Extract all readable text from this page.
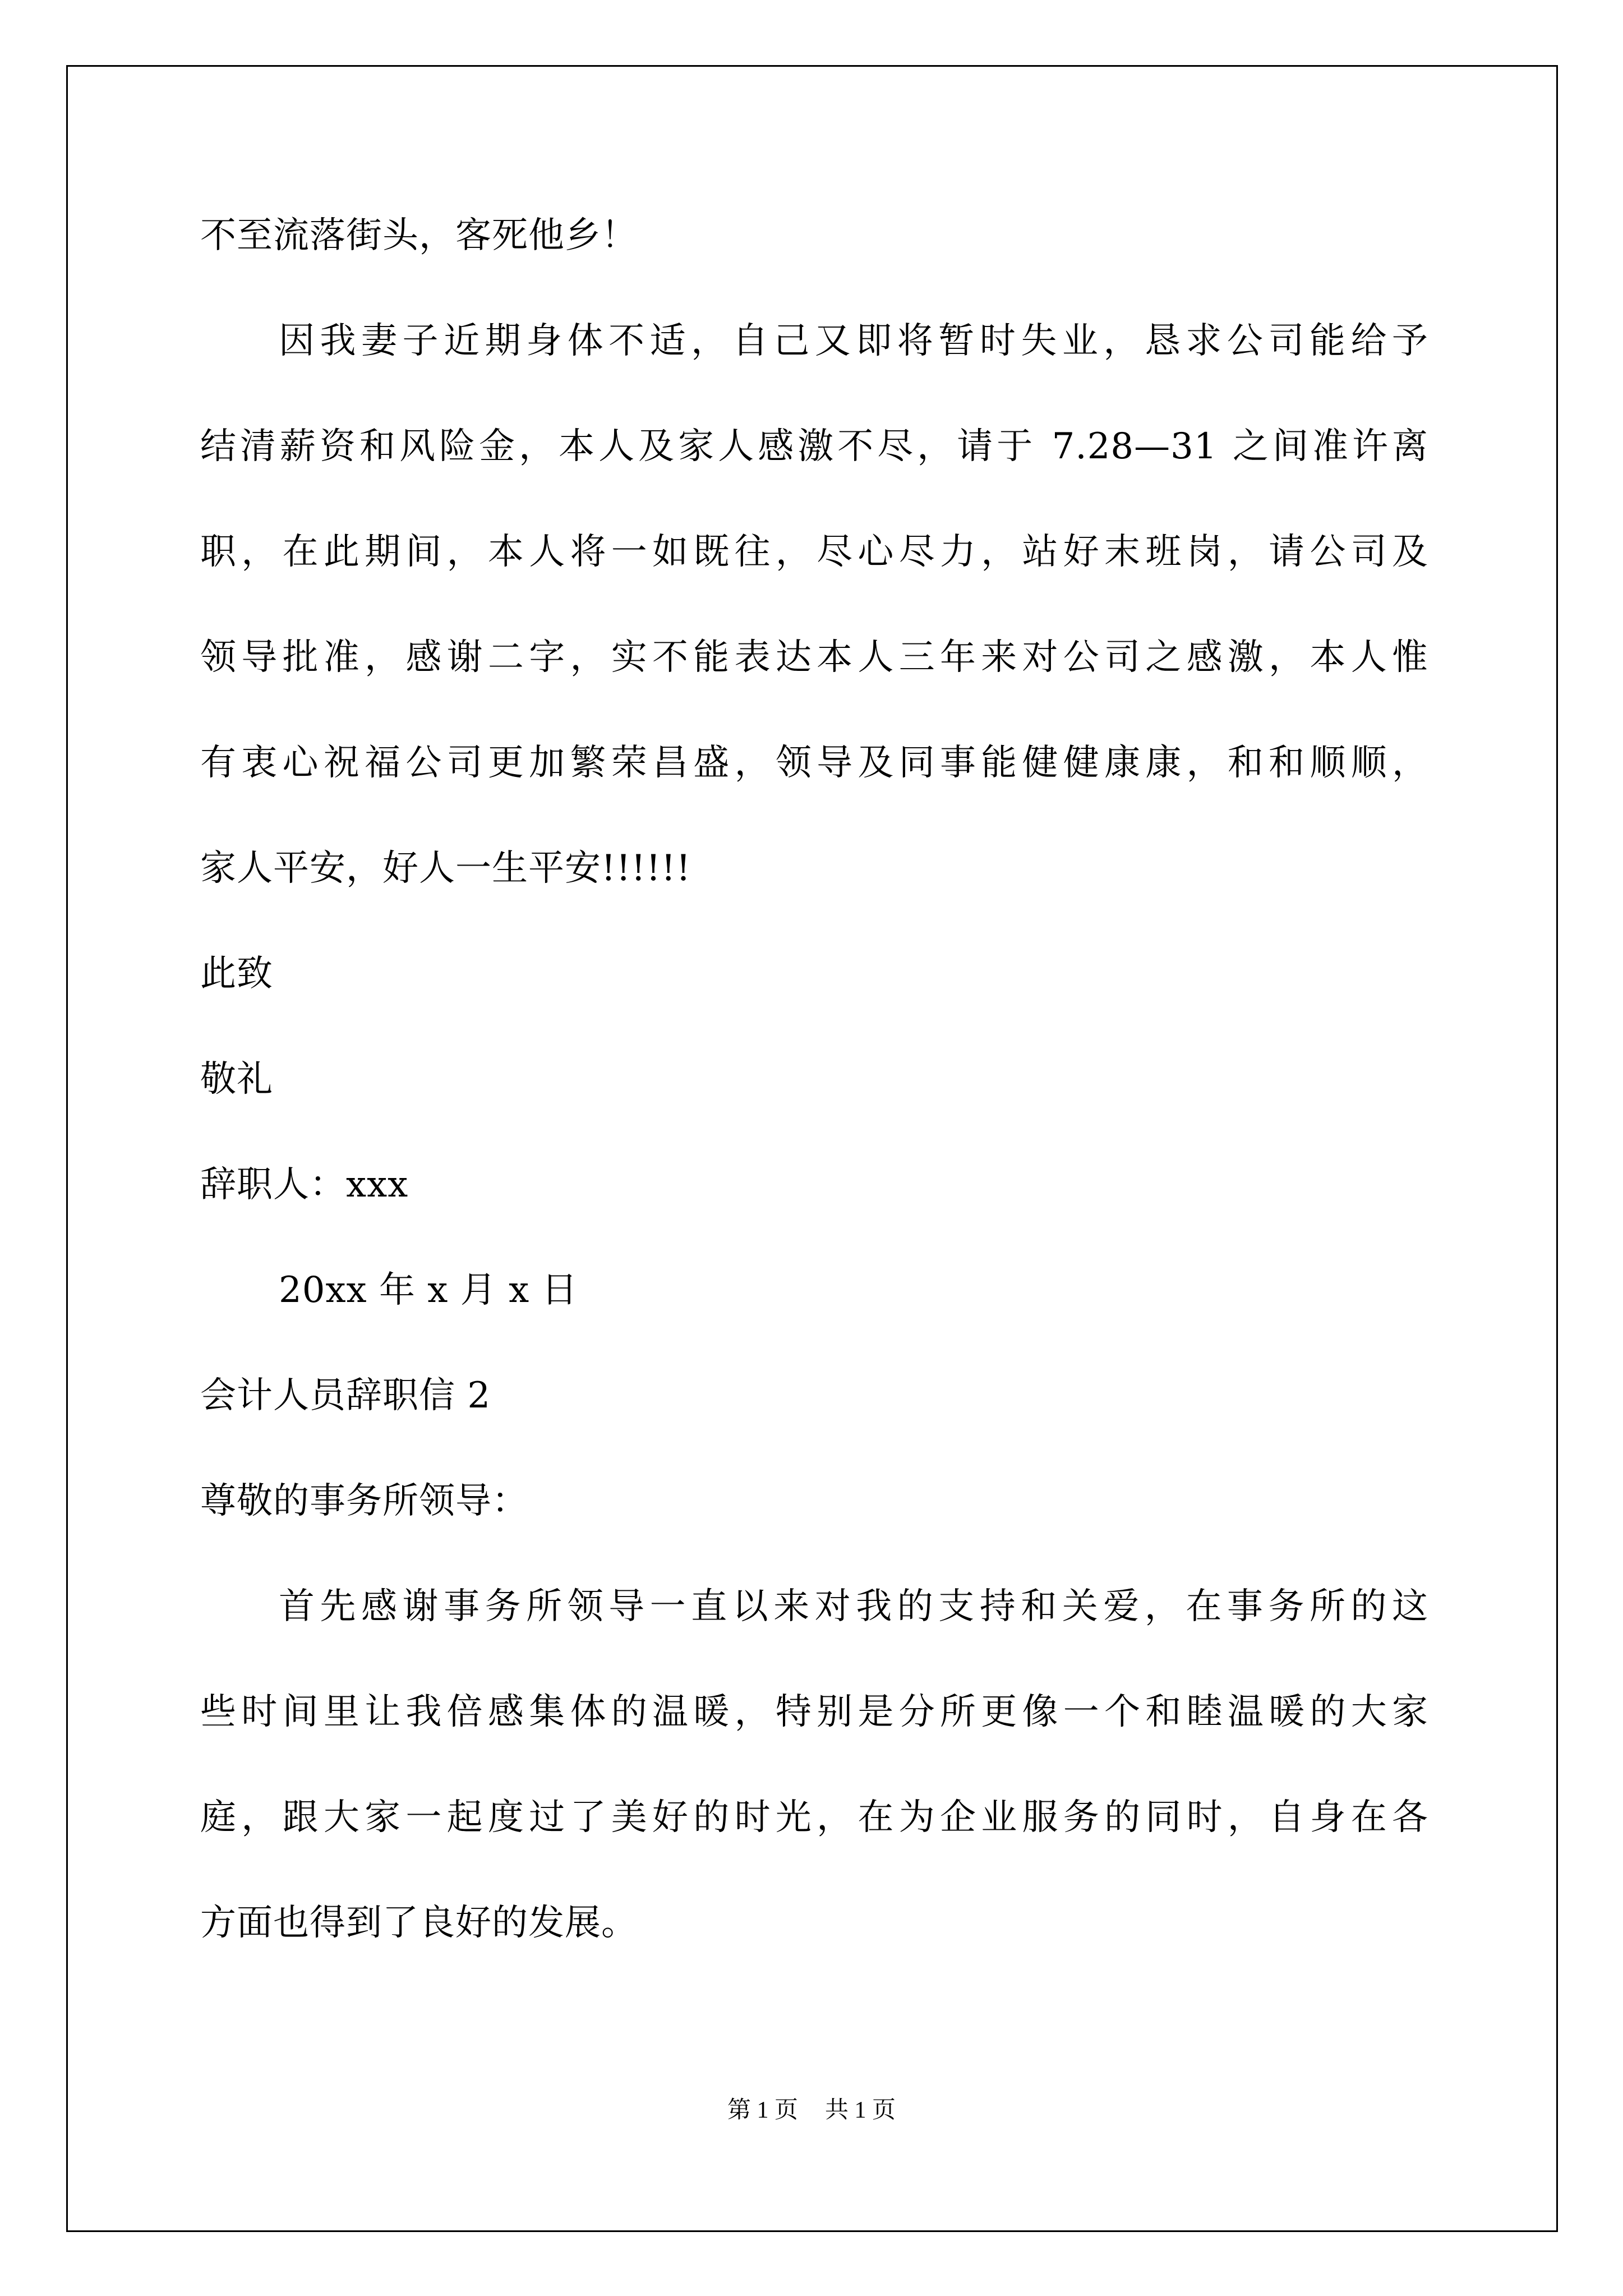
不至流落街头，客死他乡！
因我妻子近期身体不适，自己又即将暂时失业，恳求公司能给予
结清薪资和风险金，本人及家人感激不尽，请于 7.28—31 之间准许离
职，在此期间，本人将一如既往，尽心尽力，站好末班岗，请公司及
领导批准，感谢二字，实不能表达本人三年来对公司之感激，本人惟
有衷心祝福公司更加繁荣昌盛，领导及同事能健健康康，和和顺顺，
家人平安，好人一生平安!!!!!!
此致
敬礼
辞职人：xxx
20xx 年 x 月 x 日
会计人员辞职信 2
尊敬的事务所领导：
首先感谢事务所领导一直以来对我的支持和关爱，在事务所的这
些时间里让我倍感集体的温暖，特别是分所更像一个和睦温暖的大家
庭，跟大家一起度过了美好的时光，在为企业服务的同时，自身在各
方面也得到了良好的发展。
第 1 页 共 1 页
